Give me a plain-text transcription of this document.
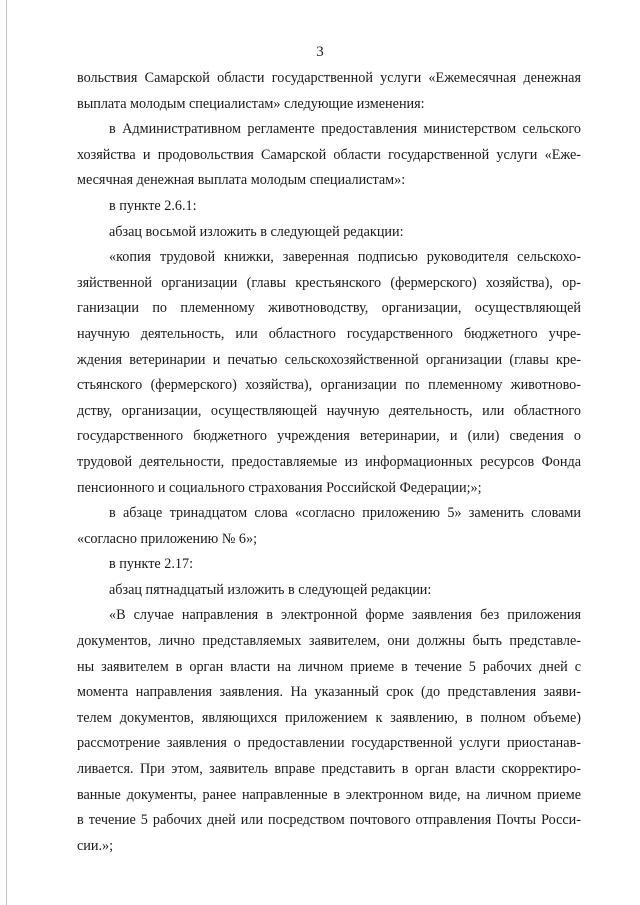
3
вольствия Самарской области государственной услуги «Ежемесячная денежная
выплата молодым специалистам» следующие изменения:
в Административном регламенте предоставления министерством сельского
хозяйства и продовольствия Самарской области государственной услуги «Еже-
месячная денежная выплата молодым специалистам»:
в пункте 2.6.1:
абзац восьмой изложить в следующей редакции:
«копия трудовой книжки, заверенная подписью руководителя сельскохо-
зяйственной организации (главы крестьянского (фермерского) хозяйства), ор-
ганизации по племенному животноводству, организации, осуществляющей
научную деятельность, или областного государственного бюджетного учре-
ждения ветеринарии и печатью сельскохозяйственной организации (главы кре-
стьянского (фермерского) хозяйства), организации по племенному животново-
дству, организации, осуществляющей научную деятельность, или областного
государственного бюджетного учреждения ветеринарии, и (или) сведения о
трудовой деятельности, предоставляемые из информационных ресурсов Фонда
пенсионного и социального страхования Российской Федерации;»;
в абзаце тринадцатом слова «согласно приложению 5» заменить словами
«согласно приложению № 6»;
в пункте 2.17:
абзац пятнадцатый изложить в следующей редакции:
«В случае направления в электронной форме заявления без приложения
документов, лично представляемых заявителем, они должны быть представле-
ны заявителем в орган власти на личном приеме в течение 5 рабочих дней с
момента направления заявления. На указанный срок (до представления заяви-
телем документов, являющихся приложением к заявлению, в полном объеме)
рассмотрение заявления о предоставлении государственной услуги приостанав-
ливается. При этом, заявитель вправе представить в орган власти скорректиро-
ванные документы, ранее направленные в электронном виде, на личном приеме
в течение 5 рабочих дней или посредством почтового отправления Почты Росси-
сии.»;
